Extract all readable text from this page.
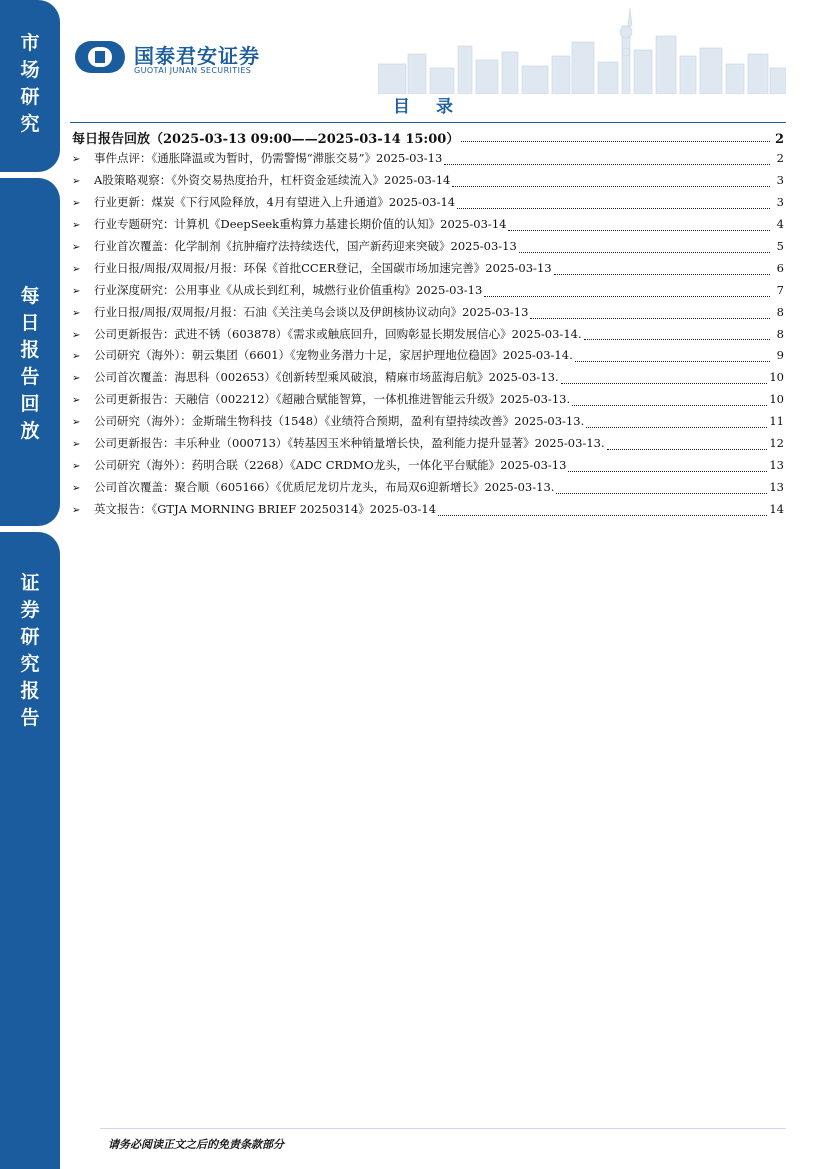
市
场
研
究
每
日
报
告
回
放
证
券
研
究
报
告
国泰君安证券
GUOTAI JUNAN SECURITIES
目 录
每日报告回放（2025-03-13 09:00——2025-03-14 15:00）	2
➢	事件点评：《通胀降温或为暂时，仍需警惕“滞胀交易”》2025-03-13	2
➢	A股策略观察：《外资交易热度抬升，杠杆资金延续流入》2025-03-14	3
➢	行业更新：煤炭《下行风险释放，4月有望进入上升通道》2025-03-14	3
➢	行业专题研究：计算机《DeepSeek重构算力基建长期价值的认知》2025-03-14	4
➢	行业首次覆盖：化学制剂《抗肿瘤疗法持续迭代，国产新药迎来突破》2025-03-13	5
➢	行业日报/周报/双周报/月报：环保《首批CCER登记，全国碳市场加速完善》2025-03-13	6
➢	行业深度研究：公用事业《从成长到红利，城燃行业价值重构》2025-03-13	7
➢	行业日报/周报/双周报/月报：石油《关注美乌会谈以及伊朗核协议动向》2025-03-13	8
➢	公司更新报告：武进不锈（603878）《需求或触底回升，回购彰显长期发展信心》2025-03-14.	8
➢	公司研究（海外）：朝云集团（6601）《宠物业务潜力十足，家居护理地位稳固》2025-03-14.	9
➢	公司首次覆盖：海思科（002653）《创新转型乘风破浪，精麻市场蓝海启航》2025-03-13.	10
➢	公司更新报告：天融信（002212）《超融合赋能智算，一体机推进智能云升级》2025-03-13.	10
➢	公司研究（海外）：金斯瑞生物科技（1548）《业绩符合预期，盈利有望持续改善》2025-03-13.	11
➢	公司更新报告：丰乐种业（000713）《转基因玉米种销量增长快，盈利能力提升显著》2025-03-13.	12
➢	公司研究（海外）：药明合联（2268）《ADC CRDMO龙头，一体化平台赋能》2025-03-13	13
➢	公司首次覆盖：聚合顺（605166）《优质尼龙切片龙头，布局双6迎新增长》2025-03-13.	13
➢	英文报告：《GTJA MORNING BRIEF 20250314》2025-03-14	14
请务必阅读正文之后的免责条款部分
